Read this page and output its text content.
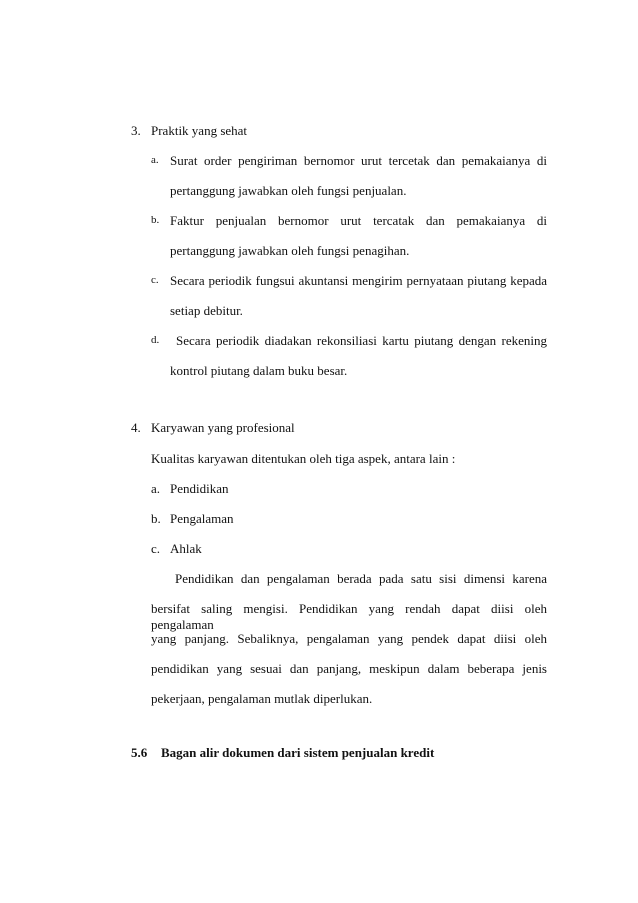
3. Praktik yang sehat
a. Surat order pengiriman bernomor urut tercetak dan pemakaianya di
pertanggung jawabkan oleh fungsi penjualan.
b. Faktur penjualan bernomor urut tercatak dan pemakaianya di
pertanggung jawabkan oleh fungsi penagihan.
c. Secara periodik fungsui akuntansi mengirim pernyataan piutang kepada
setiap debitur.
d. Secara periodik diadakan rekonsiliasi kartu piutang dengan rekening
kontrol piutang dalam buku besar.
4. Karyawan yang profesional
Kualitas karyawan ditentukan oleh tiga aspek, antara lain :
a. Pendidikan
b. Pengalaman
c. Ahlak
Pendidikan dan pengalaman berada pada satu sisi dimensi karena
bersifat saling mengisi. Pendidikan yang rendah dapat diisi oleh pengalaman
yang panjang. Sebaliknya, pengalaman yang pendek dapat diisi oleh
pendidikan yang sesuai dan panjang, meskipun dalam beberapa jenis
pekerjaan, pengalaman mutlak diperlukan.
5.6 Bagan alir dokumen dari sistem penjualan kredit
